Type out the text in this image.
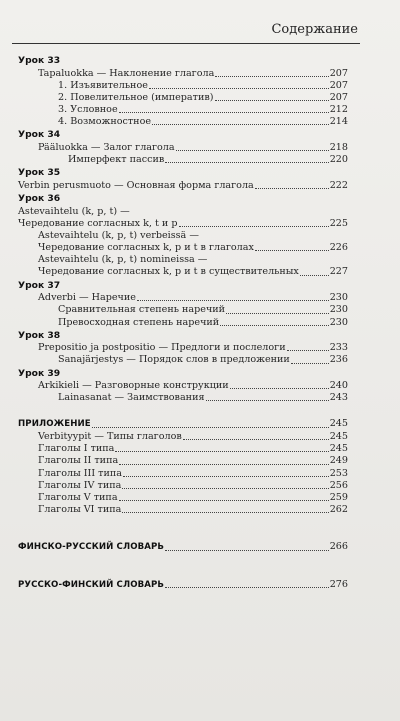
Содержание
Урок 33
Tapaluokka — Наклонение глагола	207
1. Изъявительное	207
2. Повелительное (императив)	207
3. Условное	212
4. Возможностное	214
Урок 34
Pääluokka — Залог глагола	218
Имперфект пассив	220
Урок 35
Verbin perusmuoto — Основная форма глагола	222
Урок 36
Astevaihtelu (k, p, t) —
Чередование согласных k, t и p	225
Astevaihtelu (k, p, t) verbeissä —
Чередование согласных k, p и t в глаголах	226
Astevaihtelu (k, p, t) nomineissa —
Чередование согласных k, p и t в существительных	227
Урок 37
Adverbi — Наречие	230
Сравнительная степень наречий	230
Превосходная степень наречий	230
Урок 38
Prepositio ja postpositio — Предлоги и послелоги	233
Sanajärjestys — Порядок слов в предложении	236
Урок 39
Arkikieli — Разговорные конструкции	240
Lainasanat — Заимствования	243
ПРИЛОЖЕНИЕ	245
Verbityypit — Типы глаголов	245
Глаголы I типа	245
Глаголы II типа	249
Глаголы III типа	253
Глаголы IV типа	256
Глаголы V типа	259
Глаголы VI типа	262
ФИНСКО-РУССКИЙ СЛОВАРЬ	266
РУССКО-ФИНСКИЙ СЛОВАРЬ	276
